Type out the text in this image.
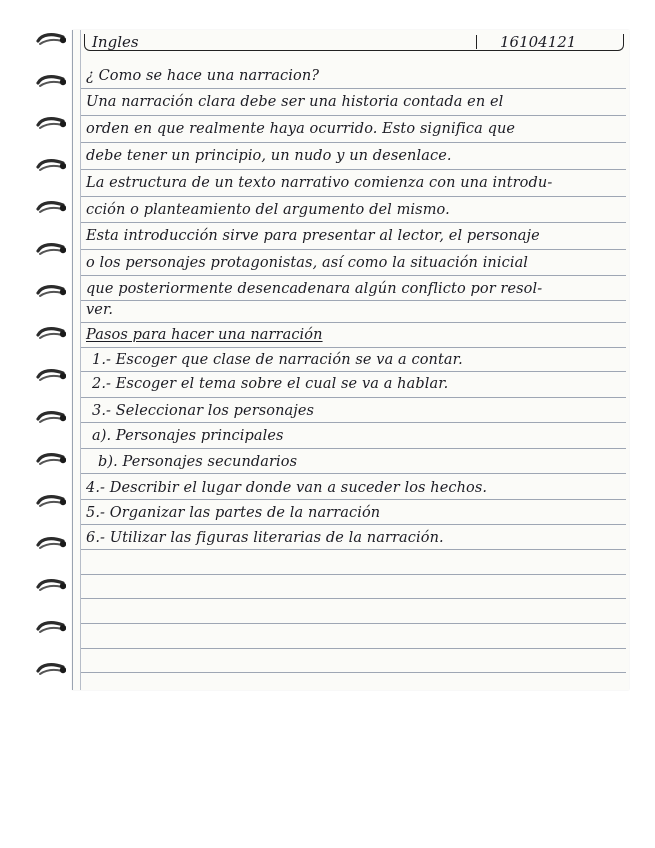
Ingles	16104121
¿ Como se hace una narracion?
Una narración clara debe ser una historia contada en el
orden en que realmente haya ocurrido. Esto significa que
debe tener un principio, un nudo y un desenlace.
La estructura de un texto narrativo comienza con una introdu-
cción o planteamiento del argumento del mismo.
Esta introducción sirve para presentar al lector, el personaje
o los personajes protagonistas, así como la situación inicial
que posteriormente desencadenara algún conflicto por resol-
ver.
Pasos para hacer una narración
1.- Escoger que clase de narración se va a contar.
2.- Escoger el tema sobre el cual se va a hablar.
3.- Seleccionar los personajes
a). Personajes principales
b). Personajes secundarios
4.- Describir el lugar donde van a suceder los hechos.
5.- Organizar las partes de la narración
6.- Utilizar las figuras literarias de la narración.
